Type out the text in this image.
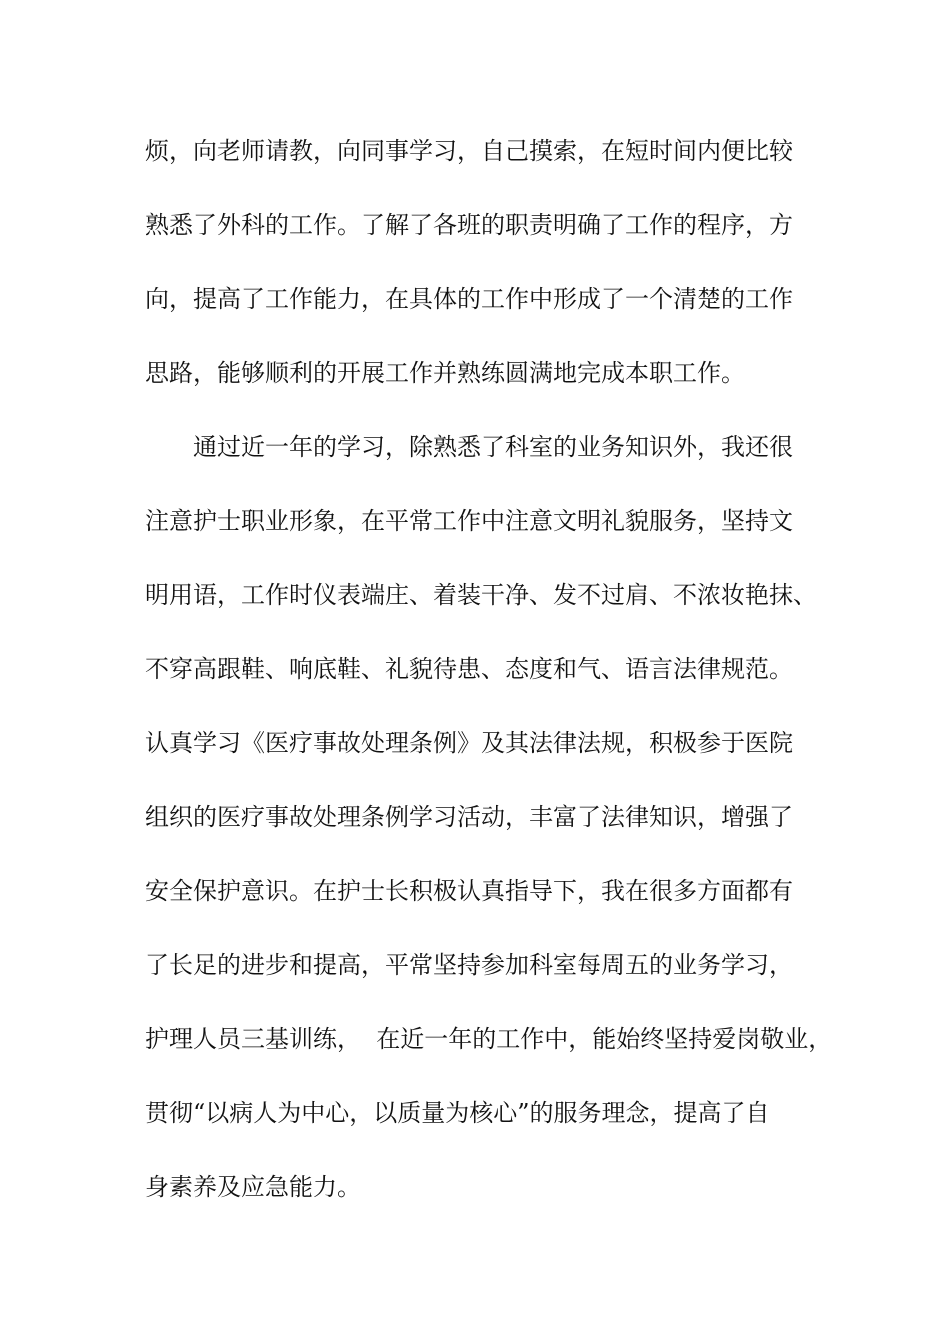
烦，向老师请教，向同事学习，自己摸索，在短时间内便比较
熟悉了外科的工作。了解了各班的职责明确了工作的程序，方
向，提高了工作能力，在具体的工作中形成了一个清楚的工作
思路，能够顺利的开展工作并熟练圆满地完成本职工作。
通过近一年的学习，除熟悉了科室的业务知识外，我还很
注意护士职业形象，在平常工作中注意文明礼貌服务，坚持文
明用语，工作时仪表端庄、着装干净、发不过肩、不浓妆艳抹、
不穿高跟鞋、响底鞋、礼貌待患、态度和气、语言法律规范。
认真学习《医疗事故处理条例》及其法律法规，积极参于医院
组织的医疗事故处理条例学习活动，丰富了法律知识，增强了
安全保护意识。在护士长积极认真指导下，我在很多方面都有
了长足的进步和提高，平常坚持参加科室每周五的业务学习，
护理人员三基训练，  在近一年的工作中，能始终坚持爱岗敬业，
贯彻“以病人为中心，以质量为核心”的服务理念，提高了自
身素养及应急能力。
